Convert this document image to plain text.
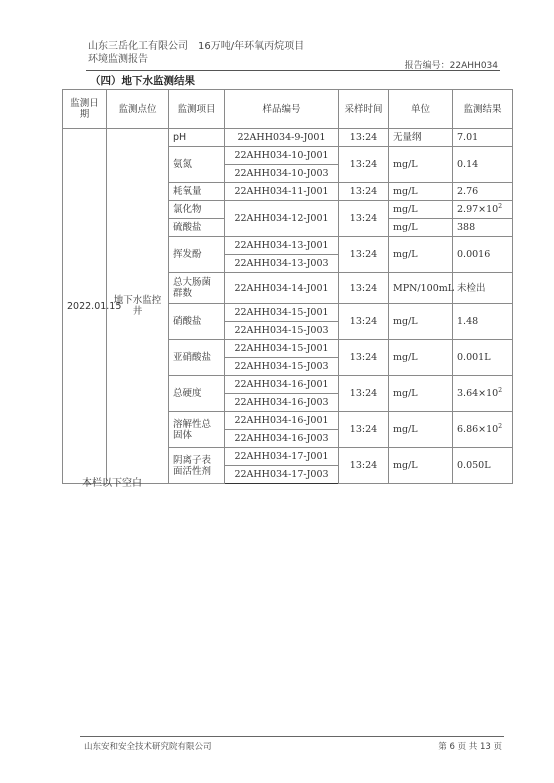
山东三岳化工有限公司　16万吨/年环氧丙烷项目
环境监测报告
报告编号：22AHH034
（四）地下水监测结果
监测日期	监测点位	监测项目	样品编号	采样时间	单位	监测结果
2022.01.15	地下水监控井	pH	22AHH034-9-J001	13:24	无量纲	7.01
		氨氮	22AHH034-10-J001	13:24	mg/L	0.14
			22AHH034-10-J003			
		耗氧量	22AHH034-11-J001	13:24	mg/L	2.76
		氯化物	22AHH034-12-J001	13:24	mg/L	$2.97\times 10^2$
		硫酸盐			mg/L	388
		挥发酚	22AHH034-13-J001	13:24	mg/L	0.0016
			22AHH034-13-J003			
		总大肠菌群数	22AHH034-14-J001	13:24	MPN/100mL	未检出
		硝酸盐	22AHH034-15-J001	13:24	mg/L	1.48
			22AHH034-15-J003			
		亚硝酸盐	22AHH034-15-J001	13:24	mg/L	0.001L
			22AHH034-15-J003			
		总硬度	22AHH034-16-J001	13:24	mg/L	$3.64\times 10^2$
			22AHH034-16-J003			
		溶解性总固体	22AHH034-16-J001	13:24	mg/L	$6.86\times 10^2$
			22AHH034-16-J003			
		阴离子表面活性剂	22AHH034-17-J001	13:24	mg/L	0.050L
			22AHH034-17-J003			
本栏以下空白
山东安和安全技术研究院有限公司	第 6 页 共 13 页
